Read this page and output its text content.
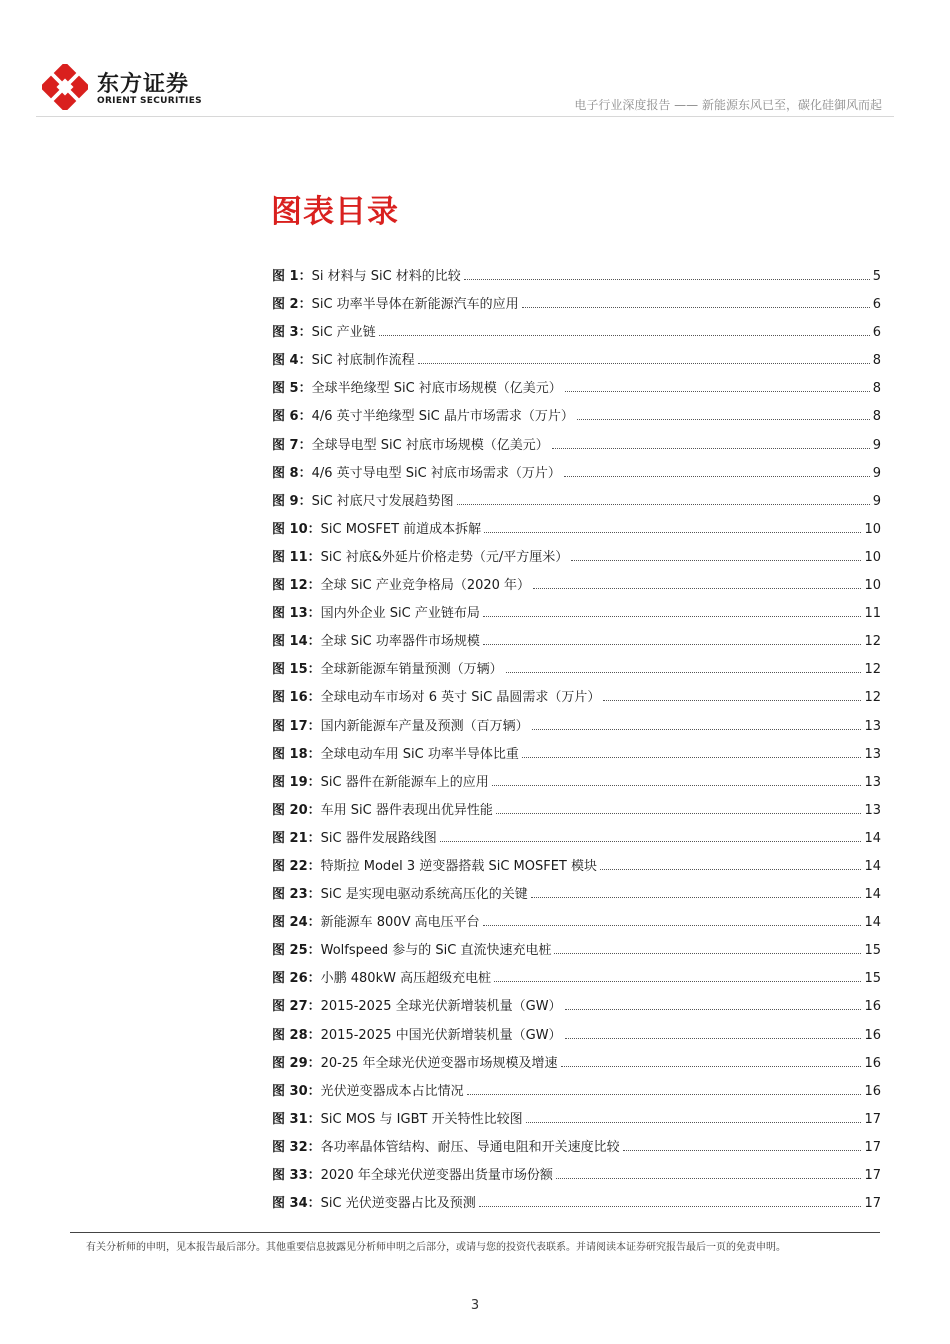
东方证券
ORIENT SECURITIES	电子行业深度报告 —— 新能源东风已至，碳化硅御风而起
图表目录
图 1： Si 材料与 SiC 材料的比较	5
图 2： SiC 功率半导体在新能源汽车的应用	6
图 3： SiC 产业链	6
图 4： SiC 衬底制作流程	8
图 5： 全球半绝缘型 SiC 衬底市场规模（亿美元）	8
图 6： 4/6 英寸半绝缘型 SiC 晶片市场需求（万片）	8
图 7： 全球导电型 SiC 衬底市场规模（亿美元）	9
图 8： 4/6 英寸导电型 SiC 衬底市场需求（万片）	9
图 9： SiC 衬底尺寸发展趋势图	9
图 10： SiC MOSFET 前道成本拆解	10
图 11： SiC 衬底&外延片价格走势（元/平方厘米）	10
图 12： 全球 SiC 产业竞争格局（2020 年）	10
图 13： 国内外企业 SiC 产业链布局	11
图 14： 全球 SiC 功率器件市场规模	12
图 15： 全球新能源车销量预测（万辆）	12
图 16： 全球电动车市场对 6 英寸 SiC 晶圆需求（万片）	12
图 17： 国内新能源车产量及预测（百万辆）	13
图 18： 全球电动车用 SiC 功率半导体比重	13
图 19： SiC 器件在新能源车上的应用	13
图 20： 车用 SiC 器件表现出优异性能	13
图 21： SiC 器件发展路线图	14
图 22： 特斯拉 Model 3 逆变器搭载 SiC MOSFET 模块	14
图 23： SiC 是实现电驱动系统高压化的关键	14
图 24： 新能源车 800V 高电压平台	14
图 25： Wolfspeed 参与的 SiC 直流快速充电桩	15
图 26： 小鹏 480kW 高压超级充电桩	15
图 27： 2015-2025 全球光伏新增装机量（GW）	16
图 28： 2015-2025 中国光伏新增装机量（GW）	16
图 29： 20-25 年全球光伏逆变器市场规模及增速	16
图 30： 光伏逆变器成本占比情况	16
图 31： SiC MOS 与 IGBT 开关特性比较图	17
图 32： 各功率晶体管结构、耐压、导通电阻和开关速度比较	17
图 33： 2020 年全球光伏逆变器出货量市场份额	17
图 34： SiC 光伏逆变器占比及预测	17
有关分析师的申明，见本报告最后部分。其他重要信息披露见分析师申明之后部分，或请与您的投资代表联系。并请阅读本证券研究报告最后一页的免责申明。
3
